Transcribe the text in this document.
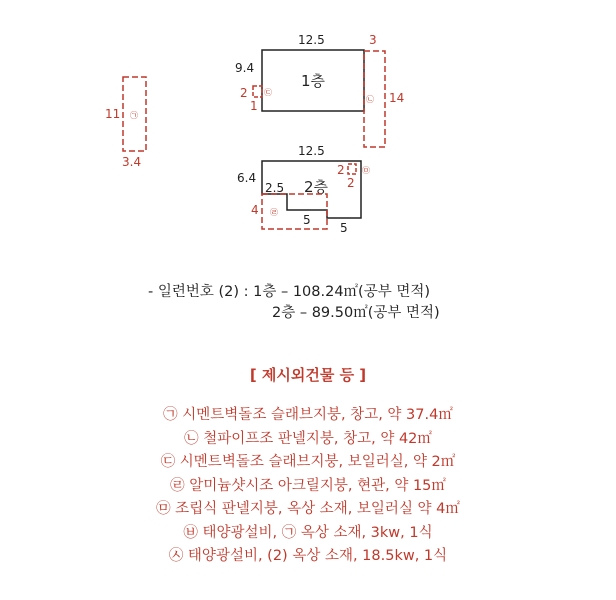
11
3.4
㉠
12.5
9.4
1층
2
1
㉢
3
14
㉡
12.5
6.4
2.5 2층
5
5
4 ㉣
2
2
㉤
- 일련번호 (2) : 1층 – 108.24㎡(공부 면적)
2층 – 89.50㎡(공부 면적)
[ 제시외건물 등 ]
㉠ 시멘트벽돌조 슬래브지붕, 창고, 약 37.4㎡
㉡ 철파이프조 판넬지붕, 창고, 약 42㎡
㉢ 시멘트벽돌조 슬래브지붕, 보일러실, 약 2㎡
㉣ 알미늄샷시조 아크릴지붕, 현관, 약 15㎡
㉤ 조립식 판넬지붕, 옥상 소재, 보일러실 약 4㎡
㉥ 태양광설비, ㉠ 옥상 소재, 3kw, 1식
㉦ 태양광설비, (2) 옥상 소재, 18.5kw, 1식
